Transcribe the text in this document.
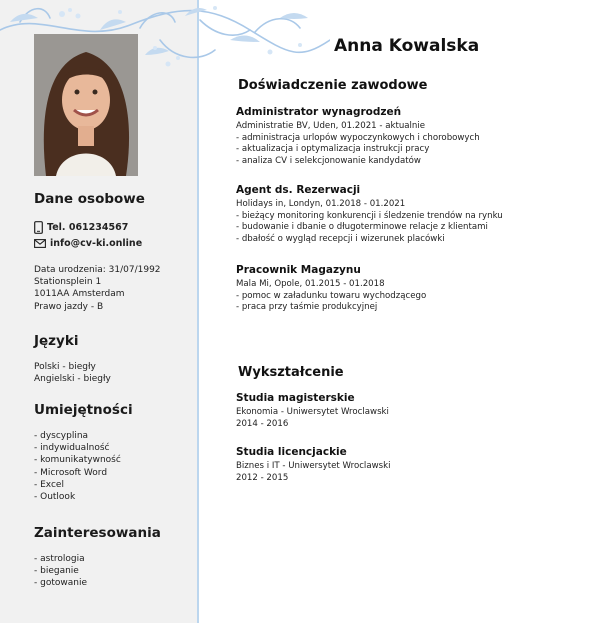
Dane osobowe
Tel. 061234567
info@cv-ki.online
Data urodzenia: 31/07/1992
Stationsplein 1
1011AA Amsterdam
Prawo jazdy - B
Języki
Polski - biegły
Angielski - biegły
Umiejętności
- dyscyplina
- indywidualność
- komunikatywność
- Microsoft Word
- Excel
- Outlook
Zainteresowania
- astrologia
- bieganie
- gotowanie
Anna Kowalska
Doświadczenie zawodowe
Administrator wynagrodzeń
Administratie BV, Uden, 01.2021 - aktualnie
- administracja urlopów wypoczynkowych i chorobowych
- aktualizacja i optymalizacja instrukcji pracy
- analiza CV i selekcjonowanie kandydatów
Agent ds. Rezerwacji
Holidays in, Londyn, 01.2018 - 01.2021
- bieżący monitoring konkurencji i śledzenie trendów na rynku
- budowanie i dbanie o długoterminowe relacje z klientami
- dbałość o wygląd recepcji i wizerunek placówki
Pracownik Magazynu
Mala Mi, Opole, 01.2015 - 01.2018
- pomoc w załadunku towaru wychodzącego
- praca przy taśmie produkcyjnej
Wykształcenie
Studia magisterskie
Ekonomia - Uniwersytet Wroclawski
2014 - 2016
Studia licencjackie
Biznes i IT - Uniwersytet Wroclawski
2012 - 2015
